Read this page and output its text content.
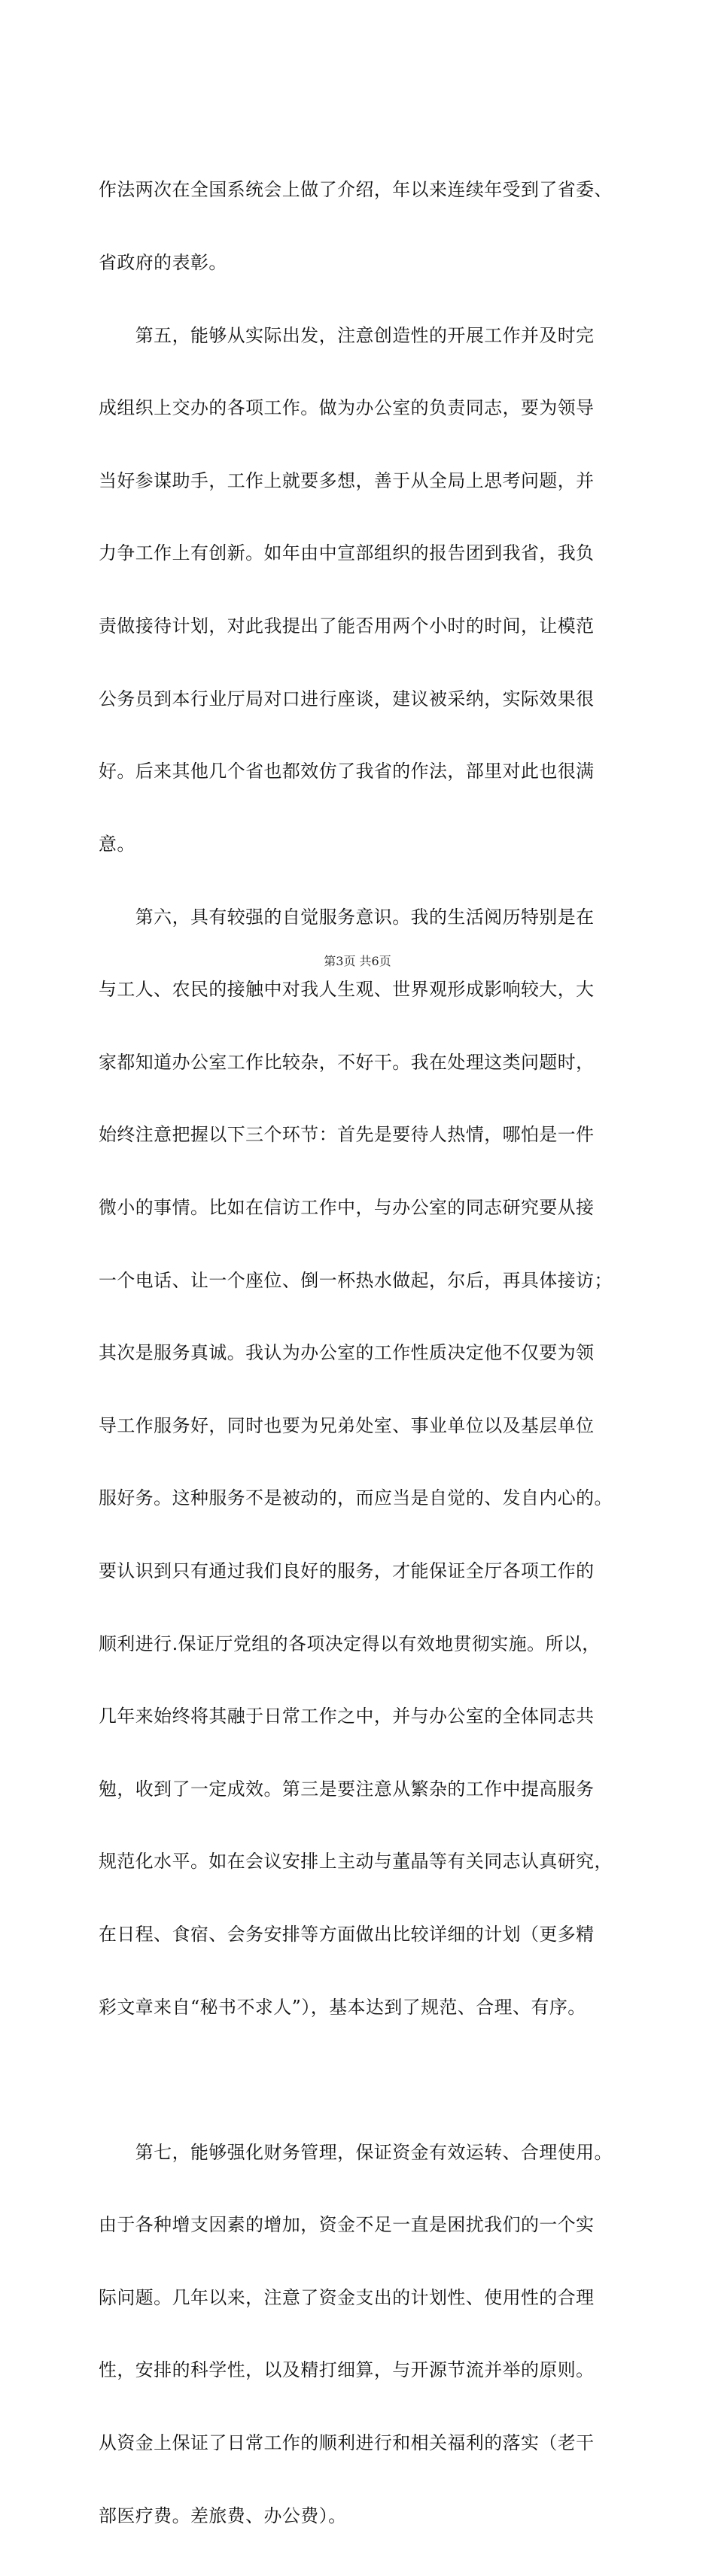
作法两次在全国系统会上做了介绍，年以来连续年受到了省委、

省政府的表彰。

　　第五，能够从实际出发，注意创造性的开展工作并及时完

成组织上交办的各项工作。做为办公室的负责同志，要为领导

当好参谋助手，工作上就要多想，善于从全局上思考问题，并

力争工作上有创新。如年由中宣部组织的报告团到我省，我负

责做接待计划，对此我提出了能否用两个小时的时间，让模范

公务员到本行业厅局对口进行座谈，建议被采纳，实际效果很

好。后来其他几个省也都效仿了我省的作法，部里对此也很满

意。

　　第六，具有较强的自觉服务意识。我的生活阅历特别是在

与工人、农民的接触中对我人生观、世界观形成影响较大，大

家都知道办公室工作比较杂，不好干。我在处理这类问题时，

始终注意把握以下三个环节：首先是要待人热情，哪怕是一件

微小的事情。比如在信访工作中，与办公室的同志研究要从接

一个电话、让一个座位、倒一杯热水做起，尔后，再具体接访；

其次是服务真诚。我认为办公室的工作性质决定他不仅要为领

导工作服务好，同时也要为兄弟处室、事业单位以及基层单位

服好务。这种服务不是被动的，而应当是自觉的、发自内心的。

要认识到只有通过我们良好的服务，才能保证全厅各项工作的

顺利进行.保证厅党组的各项决定得以有效地贯彻实施。所以，

几年来始终将其融于日常工作之中，并与办公室的全体同志共

勉，收到了一定成效。第三是要注意从繁杂的工作中提高服务

规范化水平。如在会议安排上主动与董晶等有关同志认真研究，

在日程、食宿、会务安排等方面做出比较详细的计划（更多精

彩文章来自“秘书不求人”），基本达到了规范、合理、有序。

　　第七，能够强化财务管理，保证资金有效运转、合理使用。

由于各种增支因素的增加，资金不足一直是困扰我们的一个实

际问题。几年以来，注意了资金支出的计划性、使用性的合理

性，安排的科学性，以及精打细算，与开源节流并举的原则。

从资金上保证了日常工作的顺利进行和相关福利的落实（老干

部医疗费。差旅费、办公费）。

第3页 共6页
